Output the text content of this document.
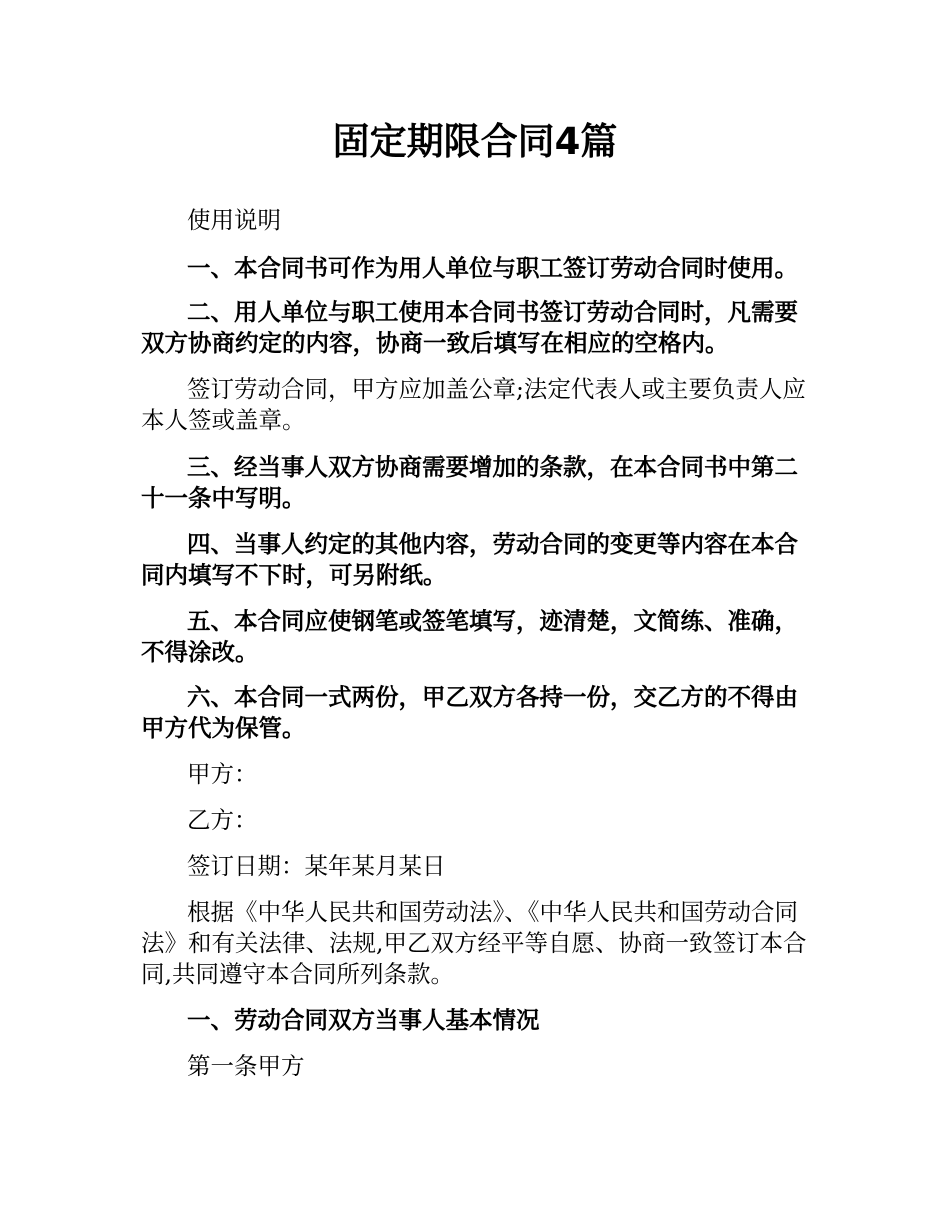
固定期限合同4篇

使用说明

一、本合同书可作为用人单位与职工签订劳动合同时使用。

二、用人单位与职工使用本合同书签订劳动合同时，凡需要双方协商约定的内容，协商一致后填写在相应的空格内。

签订劳动合同，甲方应加盖公章;法定代表人或主要负责人应本人签或盖章。

三、经当事人双方协商需要增加的条款，在本合同书中第二十一条中写明。

四、当事人约定的其他内容，劳动合同的变更等内容在本合同内填写不下时，可另附纸。

五、本合同应使钢笔或签笔填写，迹清楚，文简练、准确，不得涂改。

六、本合同一式两份，甲乙双方各持一份，交乙方的不得由甲方代为保管。

甲方：

乙方：

签订日期：某年某月某日

根据《中华人民共和国劳动法》、《中华人民共和国劳动合同法》和有关法律、法规,甲乙双方经平等自愿、协商一致签订本合同,共同遵守本合同所列条款。

一、劳动合同双方当事人基本情况

第一条甲方
